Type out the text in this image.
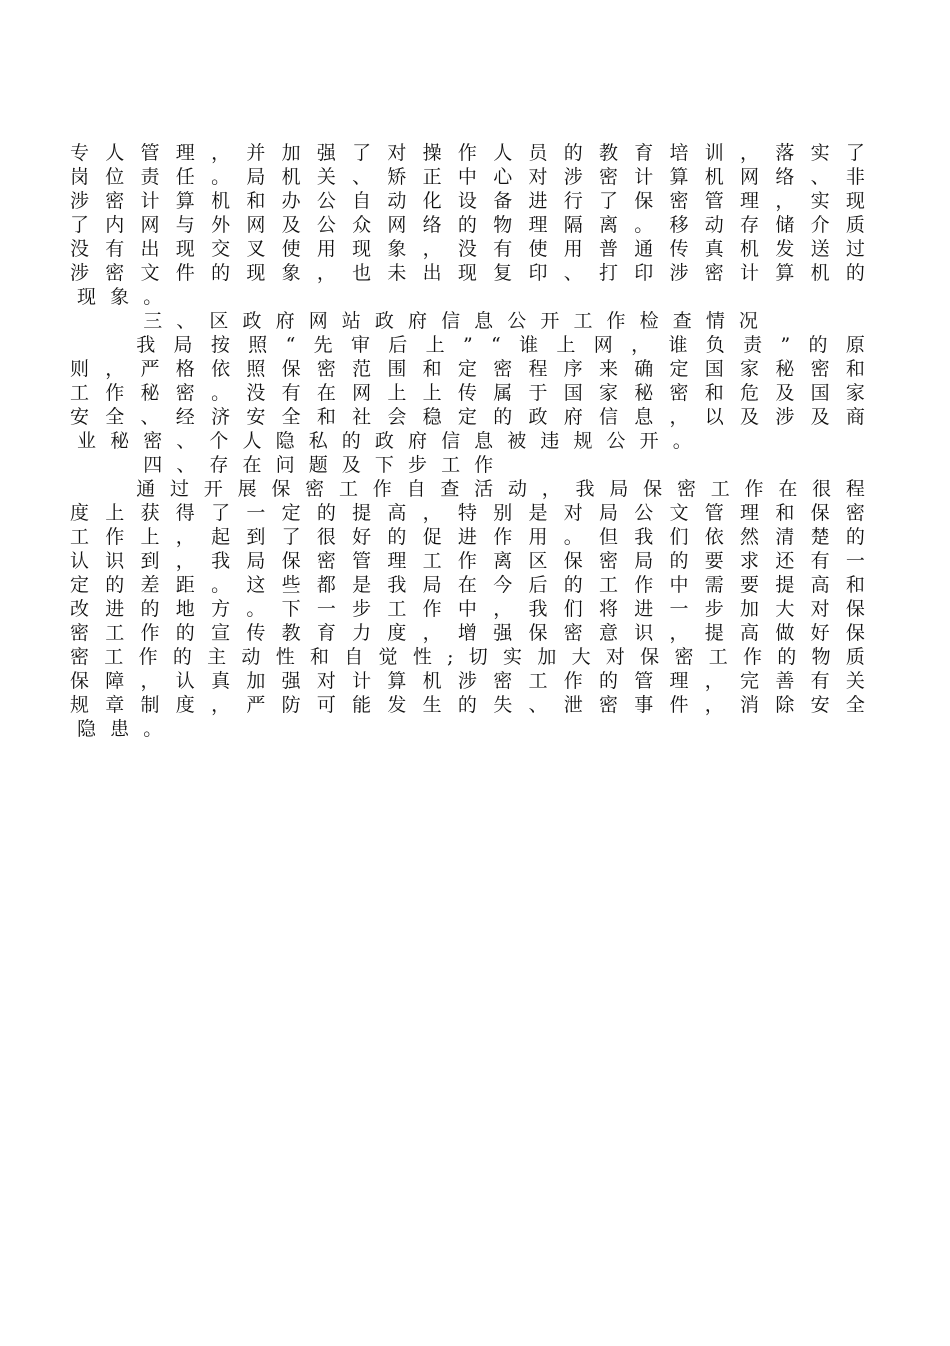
专 人 管 理 ， 并 加 强 了 对 操 作 人 员 的 教 育 培 训 ， 落 实 了
岗 位 责 任 。 局 机 关 、 矫 正 中 心 对 涉 密 计 算 机 网 络 、 非
涉 密 计 算 机 和 办 公 自 动 化 设 备 进 行 了 保 密 管 理 ， 实 现
了 内 网 与 外 网 及 公 众 网 络 的 物 理 隔 离 。 移 动 存 储 介 质
没 有 出 现 交 叉 使 用 现 象 ， 没 有 使 用 普 通 传 真 机 发 送 过
涉 密 文 件 的 现 象 ， 也 未 出 现 复 印 、 打 印 涉 密 计 算 机 的
现 象 。
三 、 区 政 府 网 站 政 府 信 息 公 开 工 作 检 查 情 况
我 局 按 照 “ 先 审 后 上 ” “ 谁 上 网 ， 谁 负 责 ” 的 原
则 ， 严 格 依 照 保 密 范 围 和 定 密 程 序 来 确 定 国 家 秘 密 和
工 作 秘 密 。 没 有 在 网 上 上 传 属 于 国 家 秘 密 和 危 及 国 家
安 全 、 经 济 安 全 和 社 会 稳 定 的 政 府 信 息 ， 以 及 涉 及 商
业 秘 密 、 个 人 隐 私 的 政 府 信 息 被 违 规 公 开 。
四 、 存 在 问 题 及 下 步 工 作
通 过 开 展 保 密 工 作 自 查 活 动 ， 我 局 保 密 工 作 在 很 程
度 上 获 得 了 一 定 的 提 高 ， 特 别 是 对 局 公 文 管 理 和 保 密
工 作 上 ， 起 到 了 很 好 的 促 进 作 用 。 但 我 们 依 然 清 楚 的
认 识 到 ， 我 局 保 密 管 理 工 作 离 区 保 密 局 的 要 求 还 有 一
定 的 差 距 。 这 些 都 是 我 局 在 今 后 的 工 作 中 需 要 提 高 和
改 进 的 地 方 。 下 一 步 工 作 中 ， 我 们 将 进 一 步 加 大 对 保
密 工 作 的 宣 传 教 育 力 度 ， 增 强 保 密 意 识 ， 提 高 做 好 保
密 工 作 的 主 动 性 和 自 觉 性 ; 切 实 加 大 对 保 密 工 作 的 物 质
保 障 ， 认 真 加 强 对 计 算 机 涉 密 工 作 的 管 理 ， 完 善 有 关
规 章 制 度 ， 严 防 可 能 发 生 的 失 、 泄 密 事 件 ， 消 除 安 全
隐 患 。
